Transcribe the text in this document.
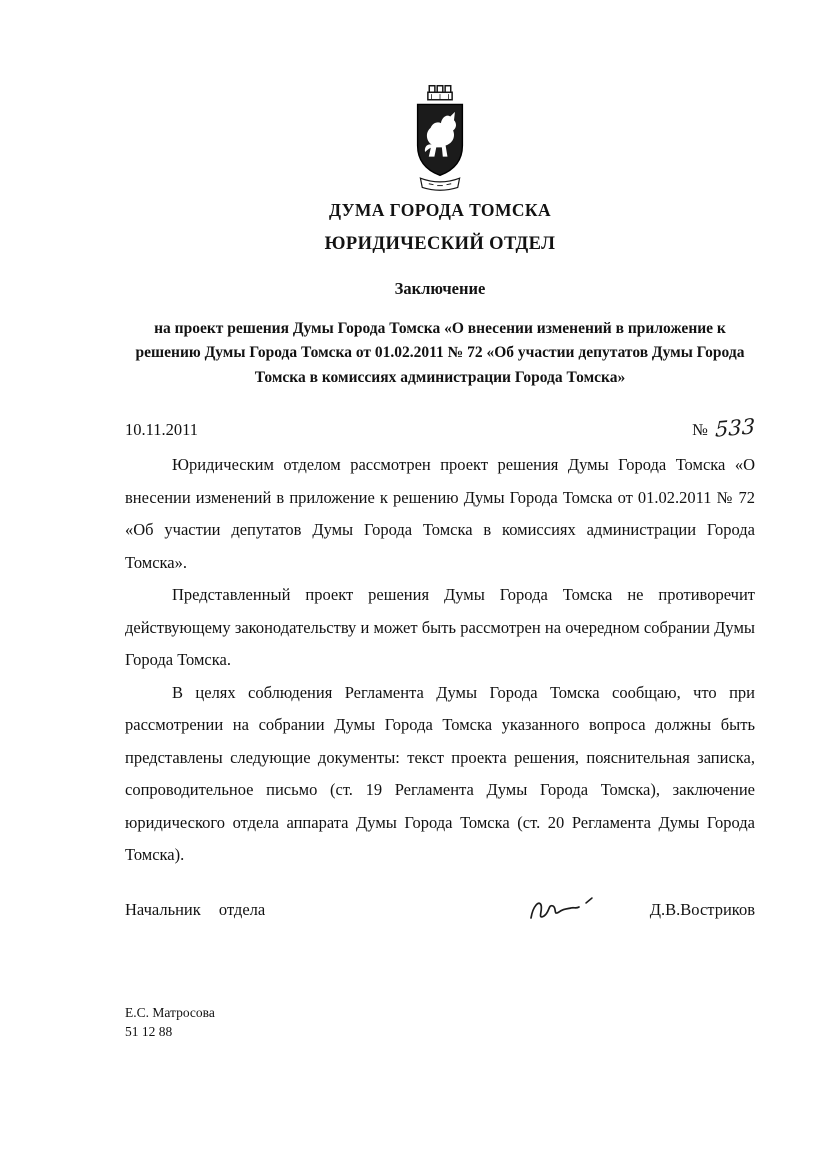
ДУМА ГОРОДА ТОМСКА
ЮРИДИЧЕСКИЙ ОТДЕЛ
Заключение
на проект решения Думы Города Томска «О внесении изменений в приложение к решению Думы Города Томска от 01.02.2011 № 72 «Об участии депутатов Думы Города Томска в комиссиях администрации Города Томска»
10.11.2011	№ 533

Юридическим отделом рассмотрен проект решения Думы Города Томска «О внесении изменений в приложение к решению Думы Города Томска от 01.02.2011 № 72 «Об участии депутатов Думы Города Томска в комиссиях администрации Города Томска».

Представленный проект решения Думы Города Томска не противоречит действующему законодательству и может быть рассмотрен на очередном собрании Думы Города Томска.

В целях соблюдения Регламента Думы Города Томска сообщаю, что при рассмотрении на собрании Думы Города Томска указанного вопроса должны быть представлены следующие документы: текст проекта решения, пояснительная записка, сопроводительное письмо (ст. 19 Регламента Думы Города Томска), заключение юридического отдела аппарата Думы Города Томска (ст. 20 Регламента Думы Города Томска).

Начальник отдела	Д.В.Востриков
Е.С. Матросова
51 12 88
